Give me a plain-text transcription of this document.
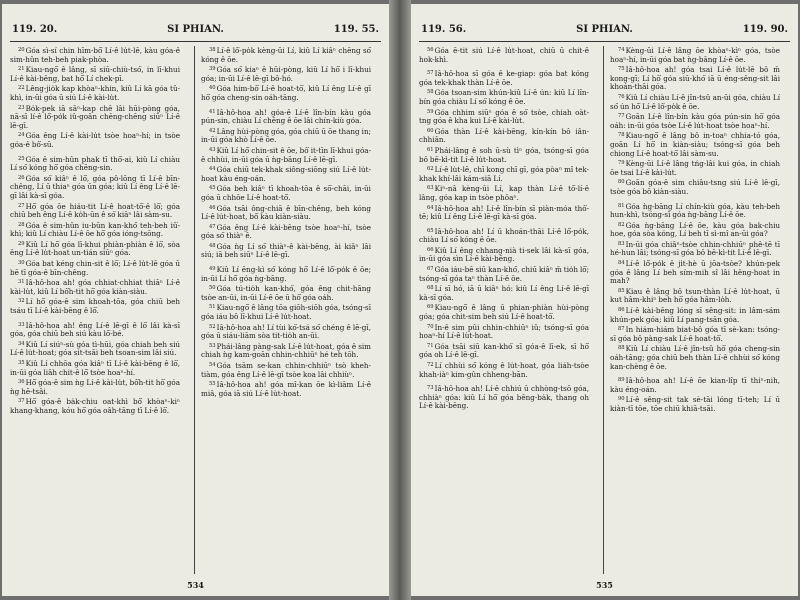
119. 20.	SI PHIAN.	119. 55.

$^{20}$Góa sì-sí chin hīm-bō͘ Lí-ê lu̍t-lē, kàu góa-ê sim-hûn teh-beh piak-phòa.

$^{21}$Kiau-ngō͘ ê lâng, sī siū-chiù-tsó͘, in lī-khui Lí-ê kài-bēng, bat hō͘ Lí chek-pī.

$^{22}$Lêng-jio̍k kap khòaⁿ-khin, kiû Lí kā góa tû-khì, in-ūi góa ū siú Lí-ê kài-lu̍t.

$^{23}$Bo̍k-pek iā sāⁿ-kap chē lâi hūi-pòng góa, nā-sī lí-ê lô͘-po̍k iû-goân chēng-chēng siūⁿ Lí-ê lē-gī.

$^{24}$Góa êng Lí-ê kài-lu̍t tsòe hoaⁿ-hí; in tsòe góa-ê bô͘-sū.

$^{25}$Góa ê sim-hûn phak tī thô͘-ai, kiû Lí chiàu Lí só͘ kóng hō͘ góa chēng-sin.

$^{26}$Góa só͘ kiâⁿ ê lō͘, góa pô-lōng tī Lí-ê bīn-chêng, Lí ū thiaⁿ góa ūn góa; kiû Lí êng Lí-ê lē-gī lâi kà-sī góa.

$^{27}$Hō͘ góa ōe hiáu-tit Lí-ê hoat-tō͘-ê lō͘; góa chiū beh êng Lí-ê ko̍h-ūn ê só͘ kiâⁿ lâi sàm-su.

$^{28}$Góa ê sim-hûn iu-būn kan-khó͘ teh-beh iû͘-khì; kiû Lí chiàu Lí-ê ōe hō͘ góa ióng-tsōng.

$^{29}$Kiû Lí hō͘ góa lī-khui phiàn-phiàn ê lō͘, sòa êng Lí-ê lu̍t-hoat un-tián siūⁿ góa.

$^{30}$Góa bat kéng chin-sit ê lō͘; Lí-ê lu̍t-lē góa ū bē tī góa-ê bīn-chêng.

$^{31}$Iâ-hô-hoa ah! góa chhiat-chhiat thiāⁿ Lí-ê kài-lu̍t, kiû Lí bô͘h-tit hō͘ góa kiàn-siàu.

$^{32}$Lí hō͘ góa-ê sim khoah-tōa, góa chiū beh tsáu tī Lí-ê kài-bēng ê lō͘.

$^{33}$Iâ-hô-hoa ah! êng Lí-ê lē-gī ê lō͘ lâi kà-sī góa, góa chiū beh siú kàu lō͘-bé.

$^{34}$Kiû Lí siúⁿ-sù góa tì-hūi, góa chiah beh siú Lí-ê lu̍t-hoat; góa sit-tsāi beh tsoan-sim lâi siú.

$^{35}$Kiû Lí chhōa góa kiâⁿ tī Lí-ê kài-bēng ê lō͘, in-ūi góa liâh chit-ê lō͘ tsòe hoaⁿ-hí.

$^{36}$Hō͘ góa-ê sim ǹg Lí-ê kài-lu̍t, bô͘h-tit hō͘ góa ǹg hē-tsâi.

$^{37}$Hō͘ góa-ê ba̍k-chiu oat-khì bô͘ khòaⁿ-kiⁿ khang-khang, kóu hō͘ góa oâh-tāng tī Lí-ê lō͘.

$^{38}$Lí-ê lô͘-po̍k kèng-ūi Lí, kiû Lí kiâⁿ chēng só͘ kóng ê ōe.

$^{39}$Góa só͘ kiaⁿ ê hūi-pòng, kiû Lí hō͘ i lī-khui góa; in-ūi Lí-ê lē-gī bô-hó.

$^{40}$Góa him-bō͘ Lí-ê hoat-tō͘, kiû Lí êng Lí-ê gī hō͘ góa cheng-sin oáh-tāng.

$^{41}$Iâ-hô-hoa ah! góa-ê Lí-ê lîn-bín kàu góa pún-sin, chiàu Lí chēng ê ōe lâi chín-kiù góa.

$^{42}$Lâng hùi-pòng góa, góa chiū ū ōe thang in; in-ūi góa khò Lí-ê ōe.

$^{43}$Kiû Lí hō͘ chin-sit ê ōe, bô͘ it-tīn lī-khui góa-ê chhùi, in-ūi góa ū ǹg-bāng Lí-ê lē-gī.

$^{44}$Góa chiū tek-khak siông-siōng siú Lí-ê lu̍t-hoat kàu éng-oán.

$^{45}$Góa beh kiâⁿ tī khoah-tōa ê sō͘-chāi, in-ūi góa ū chhōe Lí-ê hoat-tō͘.

$^{46}$Góa tsāi ông-chiā ê bīn-chêng, beh kóng Lí-ê lu̍t-hoat, bô͘ kàu kiàn-siàu.

$^{47}$Góa êng Lí-ê kài-bēng tsòe hoaⁿ-hí, tsòe góa só͘ thiàⁿ ê.

$^{48}$Góa ǹg Lí só͘ thiàⁿ-ê kài-bēng, ài kiâⁿ lâi siú; iā beh siūⁿ Lí-ê lē-gī.

$^{49}$Kiû Lí ēng-kì só͘ kóng hō͘ Lí-ê lô͘-po̍k ê ōe; in-ūi Lí hō͘ góa ǹg-bāng.

$^{50}$Góa tú-tio̍h kan-khó͘, góa êng chit-hāng tsòe an-ūi, in-ūi Lí-ê ōe ū hō͘ góa oáh.

$^{51}$Kiau-ngō͘ ê lâng tōa giōh-siōh góa, tsóng-sī góa iáu bô lī-khui Lí-ê lu̍t-hoat.

$^{52}$Iâ-hô-hoa ah! Lí tùi kó͘-tsá só͘ chéng ê lē-gī, góa ū siáu-liām sòa tit-tio̍h an-ūi.

$^{53}$Phái-lâng pàng-sak Lí-ê lu̍t-hoat, góa ê sim chiah ǹg kam-goān chhin-chhiūⁿ hé teh tōh.

$^{54}$Góa tsām se-kan chhin-chhiūⁿ tsò kheh-tiàm, góa êng Lí-ê lē-gī tsòe koa lâi chhiùⁿ.

$^{55}$Iâ-hô-hoa ah! góa mî-kan ōe kì-liām Lí-ê miâ, góa iā siú Lí-ê lu̍t-hoat.

534
119. 56.	SI PHIAN.	119. 90.

$^{56}$Góa ē-tit siú Lí-ê lu̍t-hoat, chiū ū chit-ê hok-khì.

$^{57}$Iâ-hô-hoa sī góa ê ke-giap: góa bat kóng góa tek-khak thàn Lí-ê ōe.

$^{58}$Góa tsoan-sim khún-kiû Lí-ê ún: kiû Lí lîn-bín góa chiàu Lí só͘ kóng ê ōe.

$^{59}$Góa chhim siūⁿ góa ê só͘ tsòe, chiah oàt-tng góa ê kha kui Lí-ê kài-lu̍t.

$^{60}$Góa thàn Lí-ê kài-bēng, kín-kín bô iân-chhiân.

$^{61}$Phái-lâng ê soh ū-sù tìⁿ góa, tsóng-sī góa bô bē-kì-tit Lí-ê lu̍t-hoat.

$^{62}$Lí-ê lu̍t-lē, chī kong chī gī, góa pòaⁿ mî tek-khak khí-lâi kám-siā Lí.

$^{63}$Kiⁿ-nā kèng-ūi Lí, kap thàn Lí-ê tō͘-lí-ê lâng, góa kap in tsòe phōaⁿ.

$^{64}$Iâ-hô-hoa ah! Lí-ê lîn-bín sī piàn-móa thô͘-tē; kiû Lí êng Lí-ê lē-gī kà-sī góa.

$^{65}$Iâ-hô-hoa ah! Lí ū khoán-thāi Lí-ê lô͘-po̍k, chiàu Lí só͘ kóng ê ōe.

$^{66}$Kiû Lí êng chhang-nià ti-sek lâi kà-sī góa, in-ūi góa sìn Lí-ê kài-bēng.

$^{67}$Góa iáu-bē siū kan-khó͘, chiū kiâⁿ m̄ tio̍h lō͘; tsóng-sī góa taⁿ thàn Lí-ê ōe.

$^{68}$Lí sī hó, iā ū kiâⁿ hó: kiû Lí êng Lí-ê lē-gī kà-sī góa.

$^{69}$Kiau-ngō͘ ê lâng ū phian-phiàn hùi-pòng góa; góa chit-sim beh siú Lí-ê hoat-tō͘.

$^{70}$In-ê sim pûi chhin-chhiūⁿ iû; tsóng-sī góa hoaⁿ-hí Lí-ê lu̍t-hoat.

$^{71}$Góa tsāi siū kan-khó͘ sī góa-ê lī-ek, sī hō͘ góa oh Lí-ê lē-gī.

$^{72}$Lí chhùi só͘ kóng ê lu̍t-hoat, góa liáh-tsòe khah-iàⁿ kim-gûn chheng-bān.

$^{73}$Iâ-hô-hoa ah! Lí-ê chhiú ū chhòng-tsō góa, chhiàⁿ góa: kiû Lí hō͘ góa bêng-ba̍k, thang oh Lí-ê kài-bēng.

$^{74}$Kèng-ūi Lí-ê lâng ōe khòaⁿ-kìⁿ góa, tsòe hoaⁿ-hí, in-ūi góa bat ǹg-bāng Lí-ê ōe.

$^{75}$Iâ-hô-hoa ah! góa tsai Lí-ê lu̍t-lē bô m̄ kong-gī; Lí hō͘ góa siū-khó͘ iā ū éng-sêng-sit lâi khoán-thāi góa.

$^{76}$Kiû Lí chiàu Lí-ê jîn-tsû an-ūi góa, chiàu Lí só͘ ún hō͘ Lí-ê lô͘-po̍k ê ōe.

$^{77}$Goān Lí-ê lîn-bín kàu góa pún-sin hō͘ góa oáh: in-ūi góa tsòe Lí-ê lu̍t-hoat tsòe hoaⁿ-hí.

$^{78}$Kiau-ngō͘ ê lâng bô in-toaⁿ chhia-tó góa, goān Lí hō͘ in kiàn-siàu; tsóng-sī góa beh chiong Lí-ê hoat-tō͘ lâi sàm-su.

$^{79}$Kèng-ūi Lí-ê lâng tńg-lâi kui góa, in chiah ōe tsai Lí-ê kài-lu̍t.

$^{80}$Goān góa-ê sim chiâu-tsng siú Lí-ê lē-gī, tsòe góa bô kiàn-siàu.

$^{81}$Góa ǹg-bāng Lí chín-kiù góa, kàu teh-beh hun-khì, tsóng-sī góa ǹg-bāng Lí-ê ōe.

$^{82}$Góa ǹg-bāng Lí-ê ōe, kàu góa bak-chiu hoe, góa sòa kóng, Lí beh tī sì-mî an-ūi góa?

$^{83}$In-ūi góa chiâⁿ-tsòe chhin-chhiūⁿ phê-tē tī hé-hun lâi; tsóng-sī góa bô bē-kì-tit Lí-ê lē-gī.

$^{84}$Lí-ê lô͘-po̍k ê ji̍t-hè ū jōa-tsòe? khún-pek góa ê lâng Lí beh sím-mih sî lâi hêng-hoat in mah?

$^{85}$Kiau ê lâng bô tsun-thàn Lí-ê lu̍t-hoat, ū kut hâm-khiⁿ beh hō͘ góa hâm-lo̍h.

$^{86}$Lí-ê kài-bēng lóng sī sêng-sit: in lâm-sám khún-pek góa; kiû Lí pang-tsān góa.

$^{87}$In hiám-hiám biat-bô góa tī sè-kan: tsóng-sī góa bô pàng-sak Lí-ê hoat-tō͘.

$^{88}$Kiû Lí chiàu Lí-ê jîn-tsû hō͘ góa cheng-sin oáh-tāng; góa chiū beh thàn Lí-ê chhùi só͘ kóng kan-chèng ê ōe.

$^{89}$Iâ-hô-hoa ah! Lí-ê ōe kian-lîp tī thiⁿ-nih, kàu éng-oán.

$^{90}$Lí-ê sêng-sit tak sè-tāi lóng tī-teh; Lí ū kiàn-tī tōe, tōe chiū khiā-tsāi.

535
